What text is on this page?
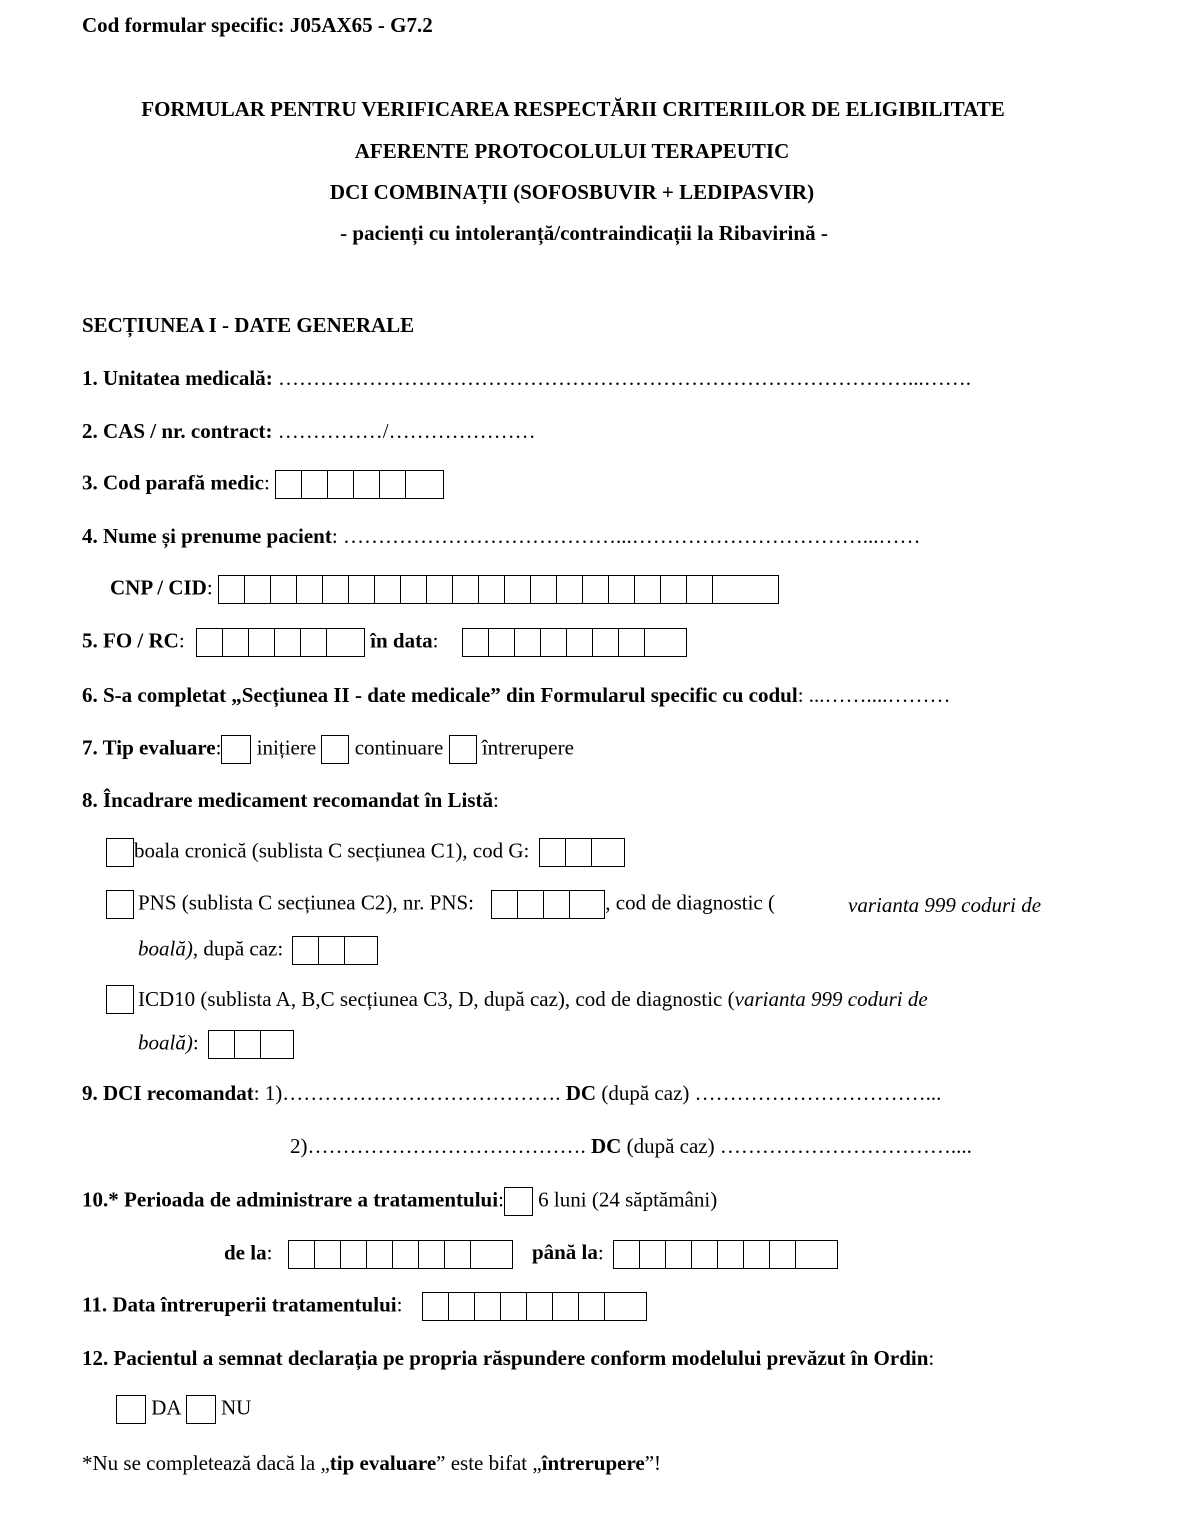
Cod formular specific: J05AX65 - G7.2
FORMULAR PENTRU VERIFICAREA RESPECTĂRII CRITERIILOR DE ELIGIBILITATE
AFERENTE PROTOCOLULUI TERAPEUTIC
DCI COMBINAȚII (SOFOSBUVIR + LEDIPASVIR)
- pacienți cu intoleranță/contraindicații la Ribavirină -
SECȚIUNEA I - DATE GENERALE
1. Unitatea medicală: ………………………………………………………………………………...…….
2. CAS / nr. contract: ……………/…………………
3. Cod parafă medic:
4. Nume și prenume pacient: …………………………………...……………………………...……
CNP / CID:
5. FO / RC:	în data:
6. S-a completat „Secțiunea II - date medicale” din Formularul specific cu codul: ...……....………
7. Tip evaluare: inițiere  continuare  întrerupere
8. Încadrare medicament recomandat în Listă:
boala cronică (sublista C secțiunea C1), cod G:
PNS (sublista C secțiunea C2), nr. PNS:	, cod de diagnostic (	varianta 999 coduri de
boală), după caz:
ICD10 (sublista A, B,C secțiunea C3, D, după caz), cod de diagnostic (varianta 999 coduri de
boală):
9. DCI recomandat: 1)…………………………………. DC (după caz) ……………………………...
2)…………………………………. DC (după caz) ……………………………....
10.* Perioada de administrare a tratamentului: 6 luni (24 săptămâni)
de la:	până la:
11. Data întreruperii tratamentului:
12. Pacientul a semnat declarația pe propria răspundere conform modelului prevăzut în Ordin:
DA  NU
*Nu se completează dacă la „tip evaluare” este bifat „întrerupere”!
